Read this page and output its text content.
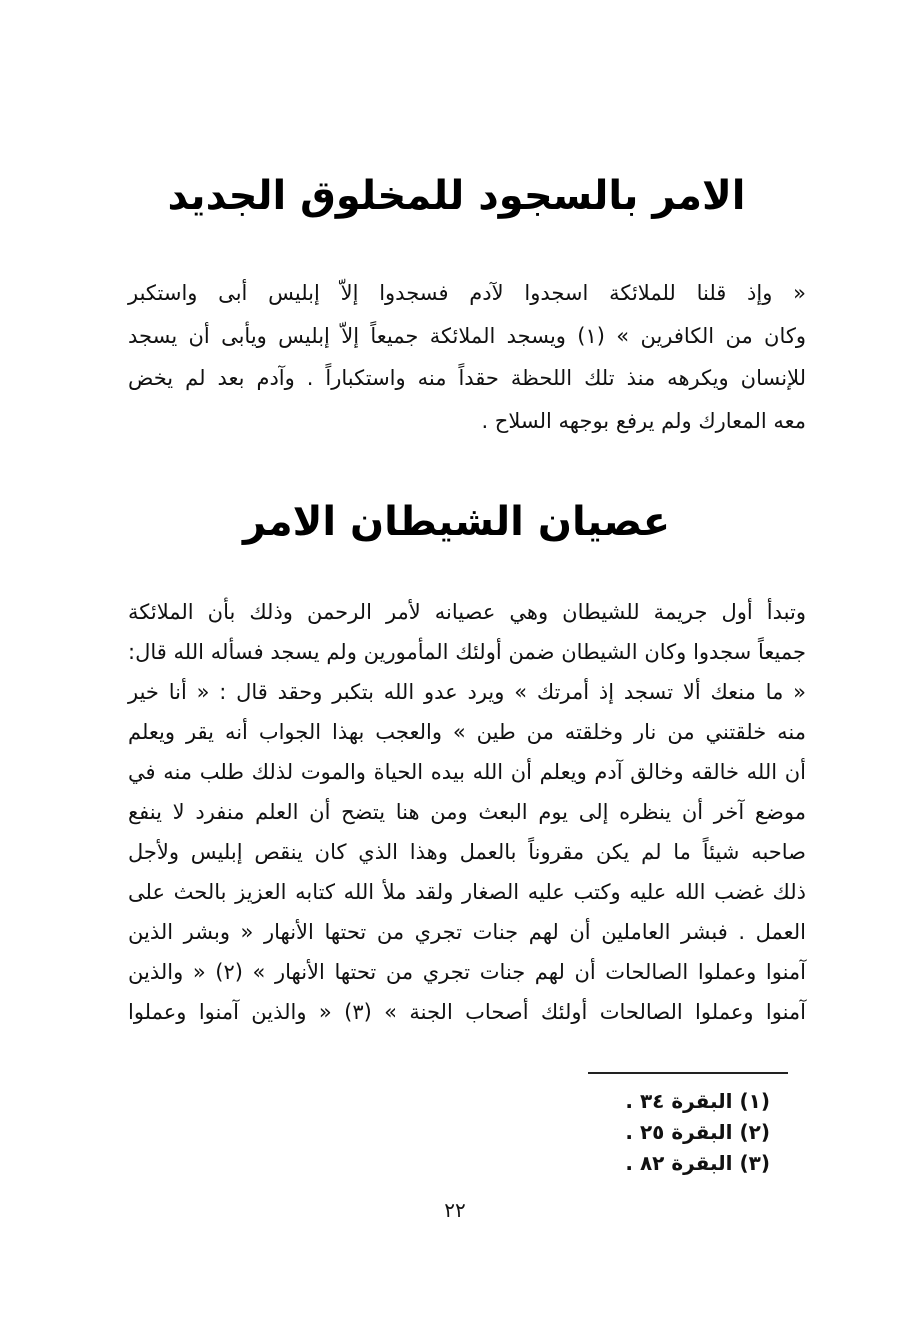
الامر بالسجود للمخلوق الجديد

« وإذ قلنا للملائكة اسجدوا لآدم فسجدوا إلاّ إبليس أبى واستكبر
وكان من الكافرين » (١) ويسجد الملائكة جميعاً إلاّ إبليس ويأبى أن يسجد
للإنسان ويكرهه منذ تلك اللحظة حقداً منه واستكباراً . وآدم بعد لم يخض
معه المعارك ولم يرفع بوجهه السلاح .

عصيان الشيطان الامر

وتبدأ أول جريمة للشيطان وهي عصيانه لأمر الرحمن وذلك بأن الملائكة
جميعاً سجدوا وكان الشيطان ضمن أولئك المأمورين ولم يسجد فسأله الله قال:
« ما منعك ألا تسجد إذ أمرتك » ويرد عدو الله بتكبر وحقد قال : « أنا خير
منه خلقتني من نار وخلقته من طين » والعجب بهذا الجواب أنه يقر ويعلم
أن الله خالقه وخالق آدم ويعلم أن الله بيده الحياة والموت لذلك طلب منه في
موضع آخر أن ينظره إلى يوم البعث ومن هنا يتضح أن العلم منفرد لا ينفع
صاحبه شيئاً ما لم يكن مقروناً بالعمل وهذا الذي كان ينقص إبليس ولأجل
ذلك غضب الله عليه وكتب عليه الصغار ولقد ملأ الله كتابه العزيز بالحث على
العمل . فبشر العاملين أن لهم جنات تجري من تحتها الأنهار « وبشر الذين
آمنوا وعملوا الصالحات أن لهم جنات تجري من تحتها الأنهار » (٢) « والذين
آمنوا وعملوا الصالحات أولئك أصحاب الجنة » (٣) « والذين آمنوا وعملوا

(١) البقرة ٣٤ .
(٢) البقرة ٢٥ .
(٣) البقرة ٨٢ .
٢٢
